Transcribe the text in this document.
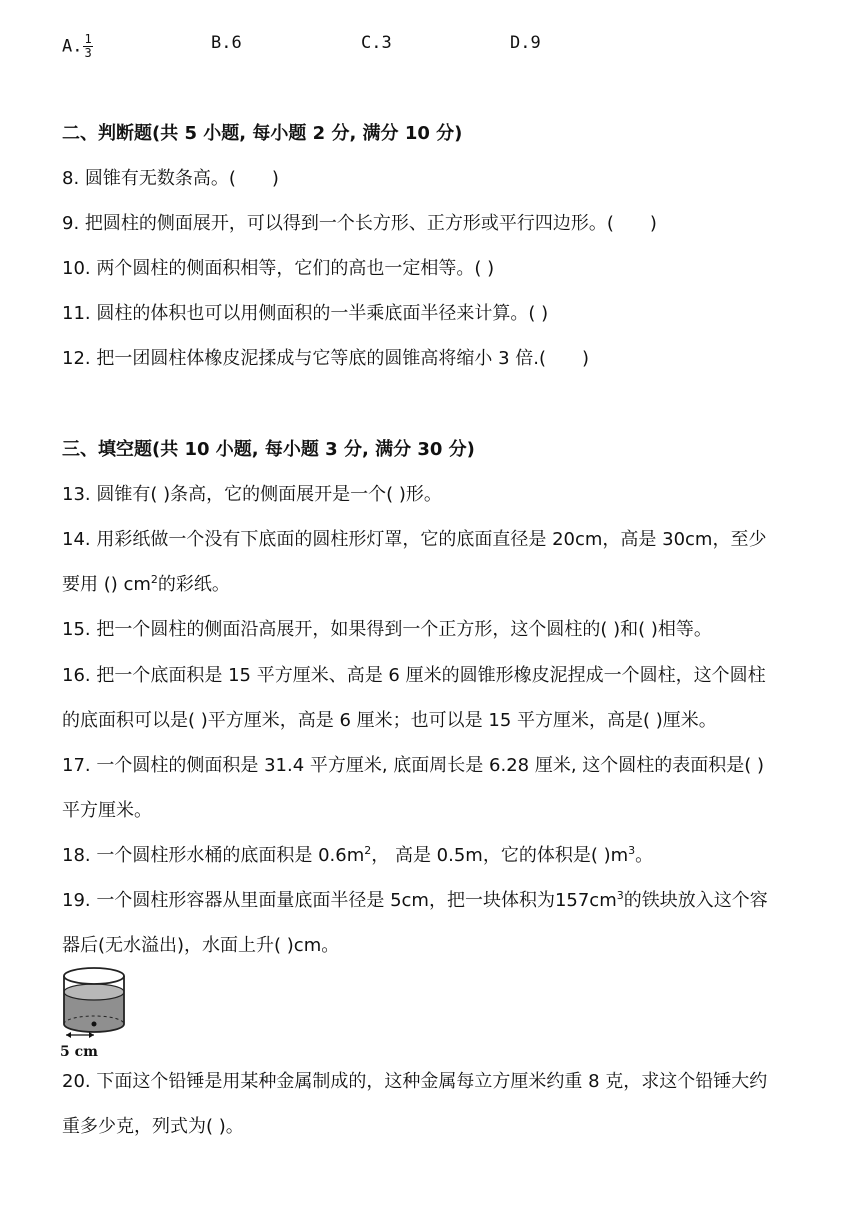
A. $\frac{1}{3}$	B.6	C.3	D.9
二、判断题(共 5 小题, 每小题 2 分, 满分 10 分)
8. 圆锥有无数条高。(　　)
9. 把圆柱的侧面展开，可以得到一个长方形、正方形或平行四边形。(　　)
10. 两个圆柱的侧面积相等，它们的高也一定相等。( )
11. 圆柱的体积也可以用侧面积的一半乘底面半径来计算。( )
12. 把一团圆柱体橡皮泥揉成与它等底的圆锥高将缩小 3 倍.(　　)
三、填空题(共 10 小题, 每小题 3 分, 满分 30 分)
13. 圆锥有( )条高，它的侧面展开是一个( )形。
14. 用彩纸做一个没有下底面的圆柱形灯罩，它的底面直径是 20cm，高是 30cm，至少
要用 () $cm^2$的彩纸。
15. 把一个圆柱的侧面沿高展开，如果得到一个正方形，这个圆柱的( )和( )相等。
16. 把一个底面积是 15 平方厘米、高是 6 厘米的圆锥形橡皮泥捏成一个圆柱，这个圆柱
的底面积可以是( )平方厘米，高是 6 厘米；也可以是 15 平方厘米，高是( )厘米。
17. 一个圆柱的侧面积是 31.4 平方厘米, 底面周长是 6.28 厘米, 这个圆柱的表面积是( )
平方厘米。
18. 一个圆柱形水桶的底面积是 $0.6m^2$， 高是 0.5m，它的体积是( )$m^3$。
19. 一个圆柱形容器从里面量底面半径是 5cm，把一块体积为$157cm^3$的铁块放入这个容
器后(无水溢出)，水面上升( )cm。
5 cm
20. 下面这个铅锤是用某种金属制成的，这种金属每立方厘米约重 8 克，求这个铅锤大约
重多少克，列式为( )。
